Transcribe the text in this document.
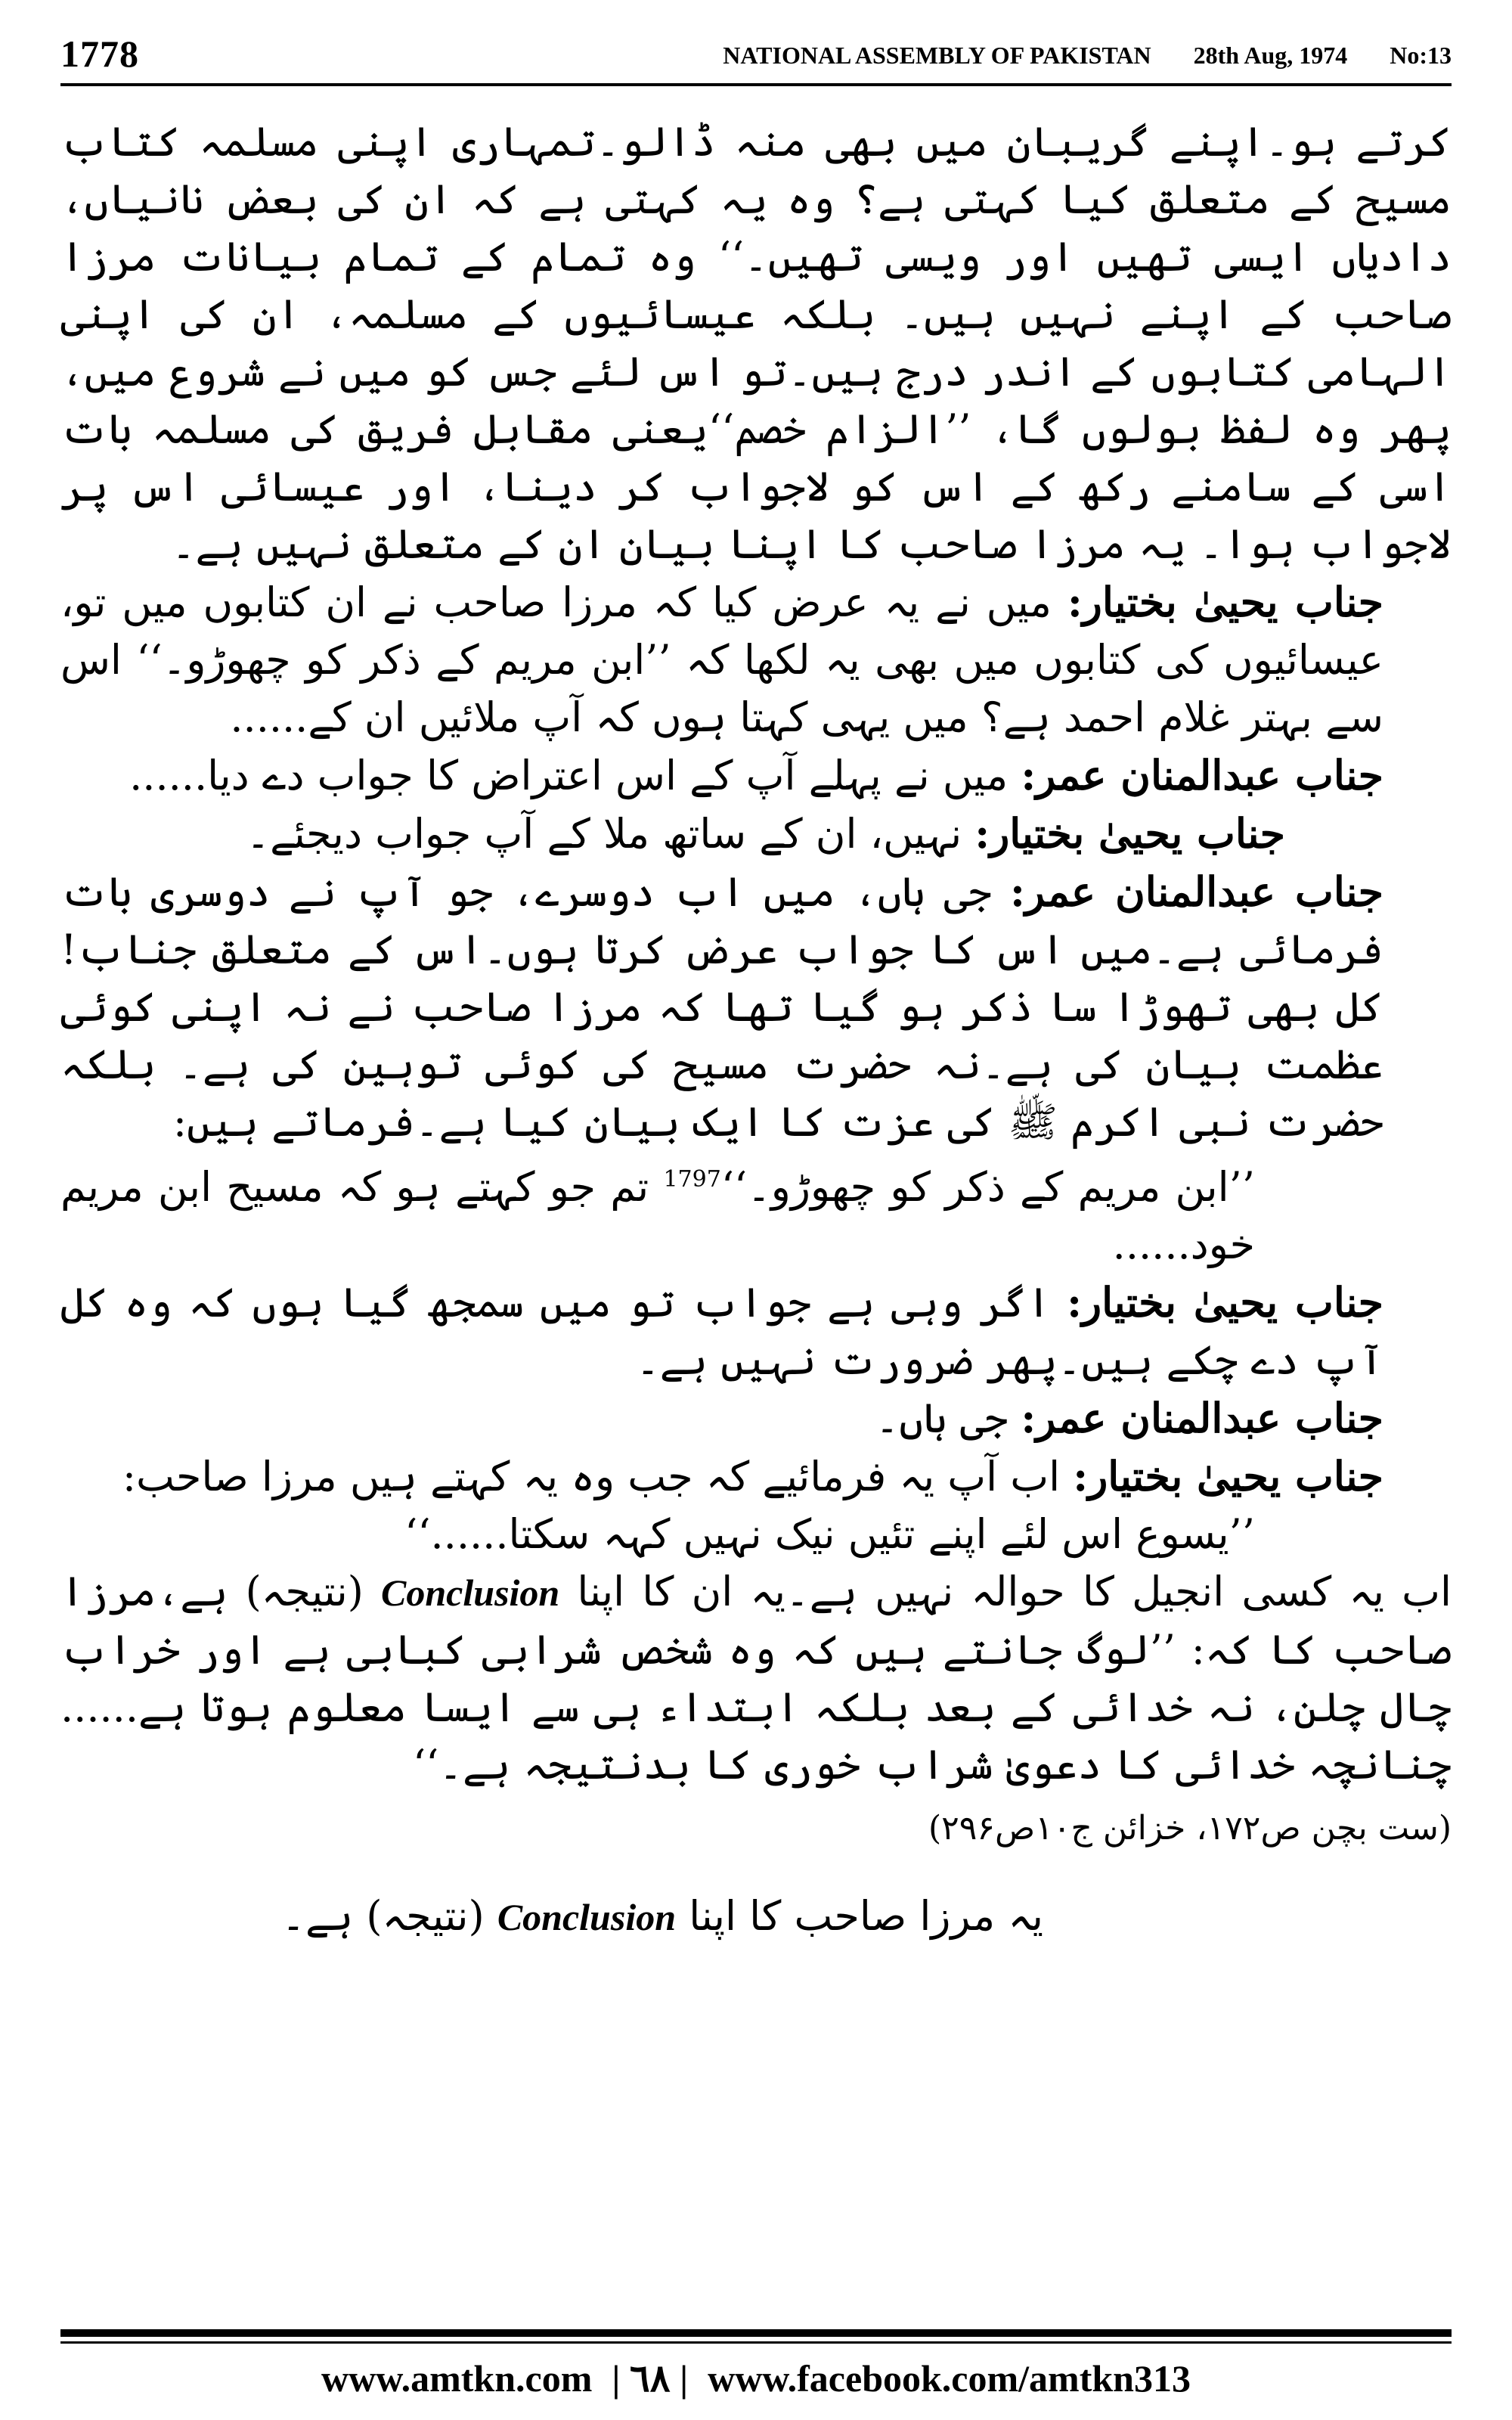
1778	NATIONAL ASSEMBLY OF PAKISTAN 28th Aug, 1974 No:13

کرتے ہو۔اپنے گریبان میں بھی منہ ڈالو۔تمہاری اپنی مسلمہ کتاب مسیح کے متعلق کیا کہتی ہے؟ وہ یہ کہتی ہے کہ ان کی بعض نانیاں، دادیاں ایسی تھیں اور ویسی تھیں۔‘‘ وہ تمام کے تمام بیانات مرزا صاحب کے اپنے نہیں ہیں۔ بلکہ عیسائیوں کے مسلمہ، ان کی اپنی الہامی کتابوں کے اندر درج ہیں۔تو اس لئے جس کو میں نے شروع میں، پھر وہ لفظ بولوں گا، ’’الزام خصم‘‘یعنی مقابل فریق کی مسلمہ بات اسی کے سامنے رکھ کے اس کو لاجواب کر دینا، اور عیسائی اس پر لاجواب ہوا۔ یہ مرزا صاحب کا اپنا بیان ان کے متعلق نہیں ہے۔

جناب یحییٰ بختیار: میں نے یہ عرض کیا کہ مرزا صاحب نے ان کتابوں میں تو، عیسائیوں کی کتابوں میں بھی یہ لکھا کہ ’’ابن مریم کے ذکر کو چھوڑو۔‘‘ اس سے بہتر غلام احمد ہے؟ میں یہی کہتا ہوں کہ آپ ملائیں ان کے......

جناب عبدالمنان عمر: میں نے پہلے آپ کے اس اعتراض کا جواب دے دیا......

جناب یحییٰ بختیار: نہیں، ان کے ساتھ ملا کے آپ جواب دیجئے۔

جناب عبدالمنان عمر: جی ہاں، میں اب دوسرے، جو آپ نے دوسری بات فرمائی ہے۔میں اس کا جواب عرض کرتا ہوں۔اس کے متعلق جناب! کل بھی تھوڑا سا ذکر ہو گیا تھا کہ مرزا صاحب نے نہ اپنی کوئی عظمت بیان کی ہے۔نہ حضرت مسیح کی کوئی توہین کی ہے۔ بلکہ حضرت نبی اکرم ﷺ کی عزت کا ایک بیان کیا ہے۔فرماتے ہیں:

’’ابن مریم کے ذکر کو چھوڑو۔‘‘$^{1797}$ تم جو کہتے ہو کہ مسیح ابن مریم خود......

جناب یحییٰ بختیار: اگر وہی ہے جواب تو میں سمجھ گیا ہوں کہ وہ کل آپ دے چکے ہیں۔پھر ضرورت نہیں ہے۔

جناب عبدالمنان عمر: جی ہاں۔

جناب یحییٰ بختیار: اب آپ یہ فرمائیے کہ جب وہ یہ کہتے ہیں مرزا صاحب:

’’یسوع اس لئے اپنے تئیں نیک نہیں کہہ سکتا......‘‘

اب یہ کسی انجیل کا حوالہ نہیں ہے۔یہ ان کا اپنا Conclusion (نتیجہ) ہے،مرزا صاحب کا کہ: ’’لوگ جانتے ہیں کہ وہ شخص شرابی کبابی ہے اور خراب چال چلن، نہ خدائی کے بعد بلکہ ابتداء ہی سے ایسا معلوم ہوتا ہے...... چنانچہ خدائی کا دعویٰ شراب خوری کا بدنتیجہ ہے۔‘‘

(ست بچن ص۱۷۲، خزائن ج۱۰ص۲۹۶)

یہ مرزا صاحب کا اپنا Conclusion (نتیجہ) ہے۔

www.amtkn.com | ٦٨ | www.facebook.com/amtkn313
